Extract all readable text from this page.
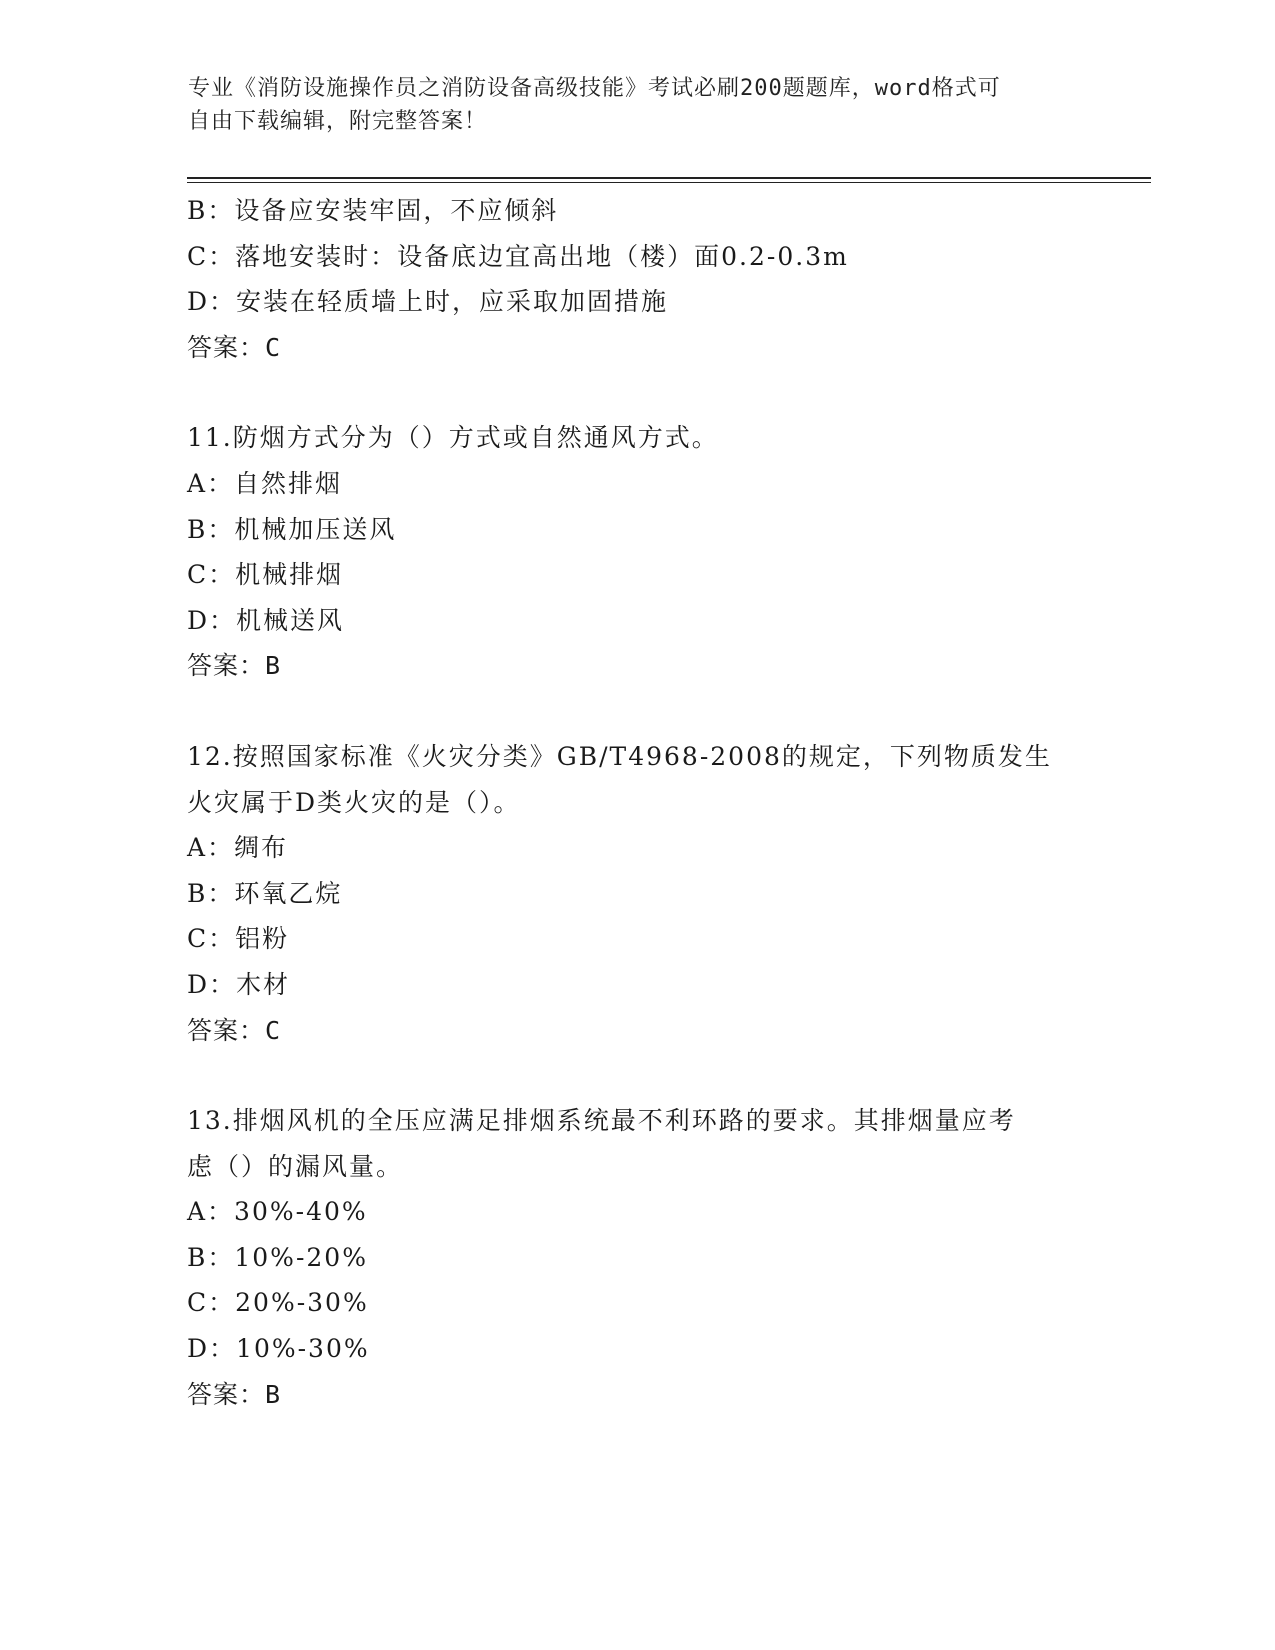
专业《消防设施操作员之消防设备高级技能》考试必刷200题题库，word格式可
自由下载编辑，附完整答案！
B：设备应安装牢固，不应倾斜
C：落地安装时：设备底边宜高出地（楼）面0.2-0.3m
D：安装在轻质墙上时，应采取加固措施
答案：C
11.防烟方式分为（）方式或自然通风方式。
A：自然排烟
B：机械加压送风
C：机械排烟
D：机械送风
答案：B
12.按照国家标准《火灾分类》GB/T4968-2008的规定，下列物质发生
火灾属于D类火灾的是（）。
A：绸布
B：环氧乙烷
C：铝粉
D：木材
答案：C
13.排烟风机的全压应满足排烟系统最不利环路的要求。其排烟量应考
虑（）的漏风量。
A：30%-40%
B：10%-20%
C：20%-30%
D：10%-30%
答案：B
